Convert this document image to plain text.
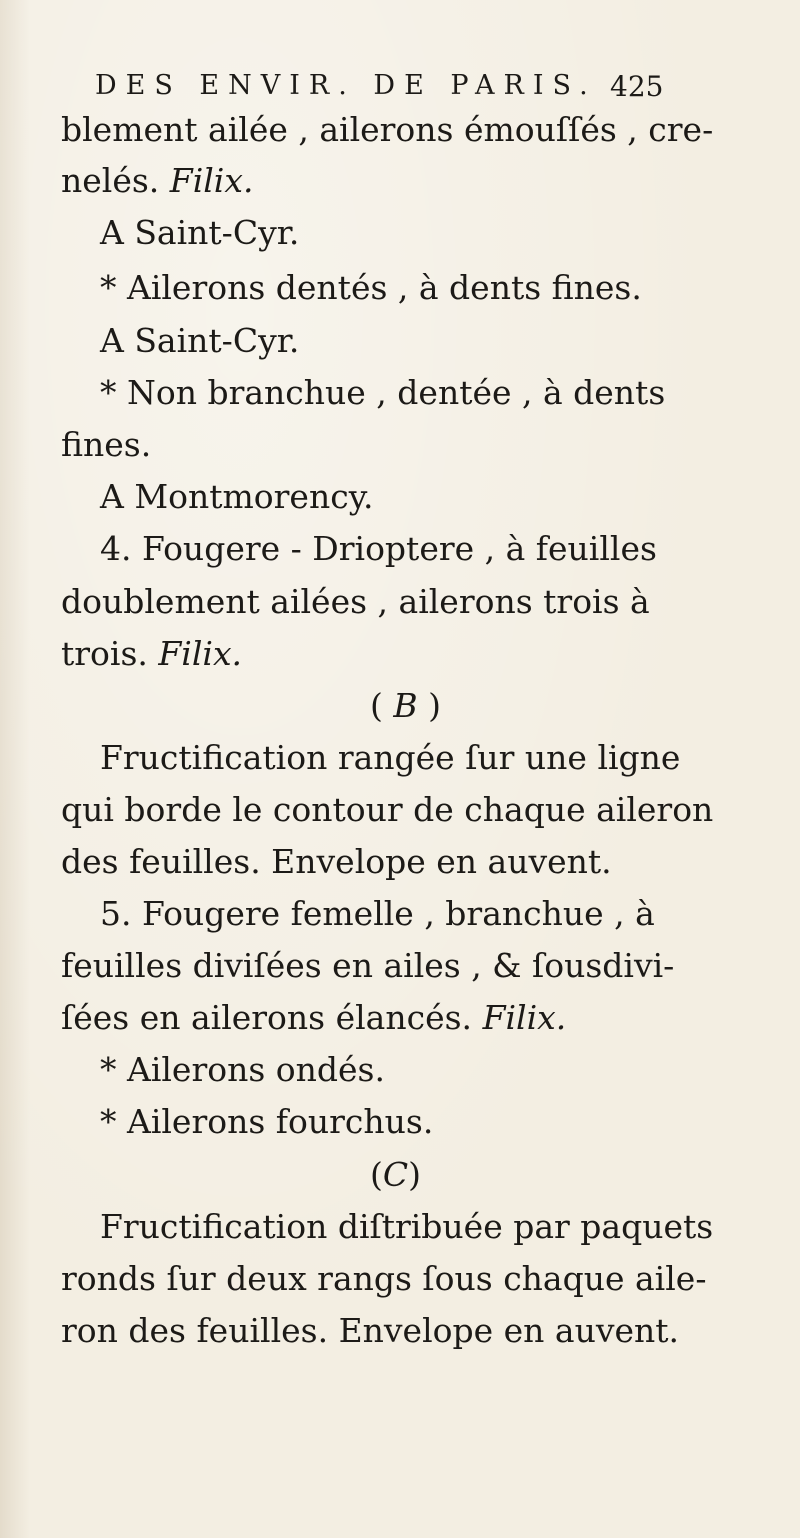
DES ENVIR. DE PARIS. 425
blement ailée , ailerons émouſſés , cre-
nelés. Filix.
A Saint-Cyr.
* Ailerons dentés , à dents fines.
A Saint-Cyr.
* Non branchue , dentée , à dents
fines.
A Montmorency.
4. Fougere - Drioptere , à feuilles
doublement ailées , ailerons trois à
trois. Filix.
( B )
Fructification rangée ſur une ligne
qui borde le contour de chaque aileron
des feuilles. Envelope en auvent.
5. Fougere femelle , branchue , à
feuilles diviſées en ailes , & ſousdivi-
ſées en ailerons élancés. Filix.
* Ailerons ondés.
* Ailerons fourchus.
(C)
Fructification diſtribuée par paquets
ronds ſur deux rangs ſous chaque aile-
ron des feuilles. Envelope en auvent.
